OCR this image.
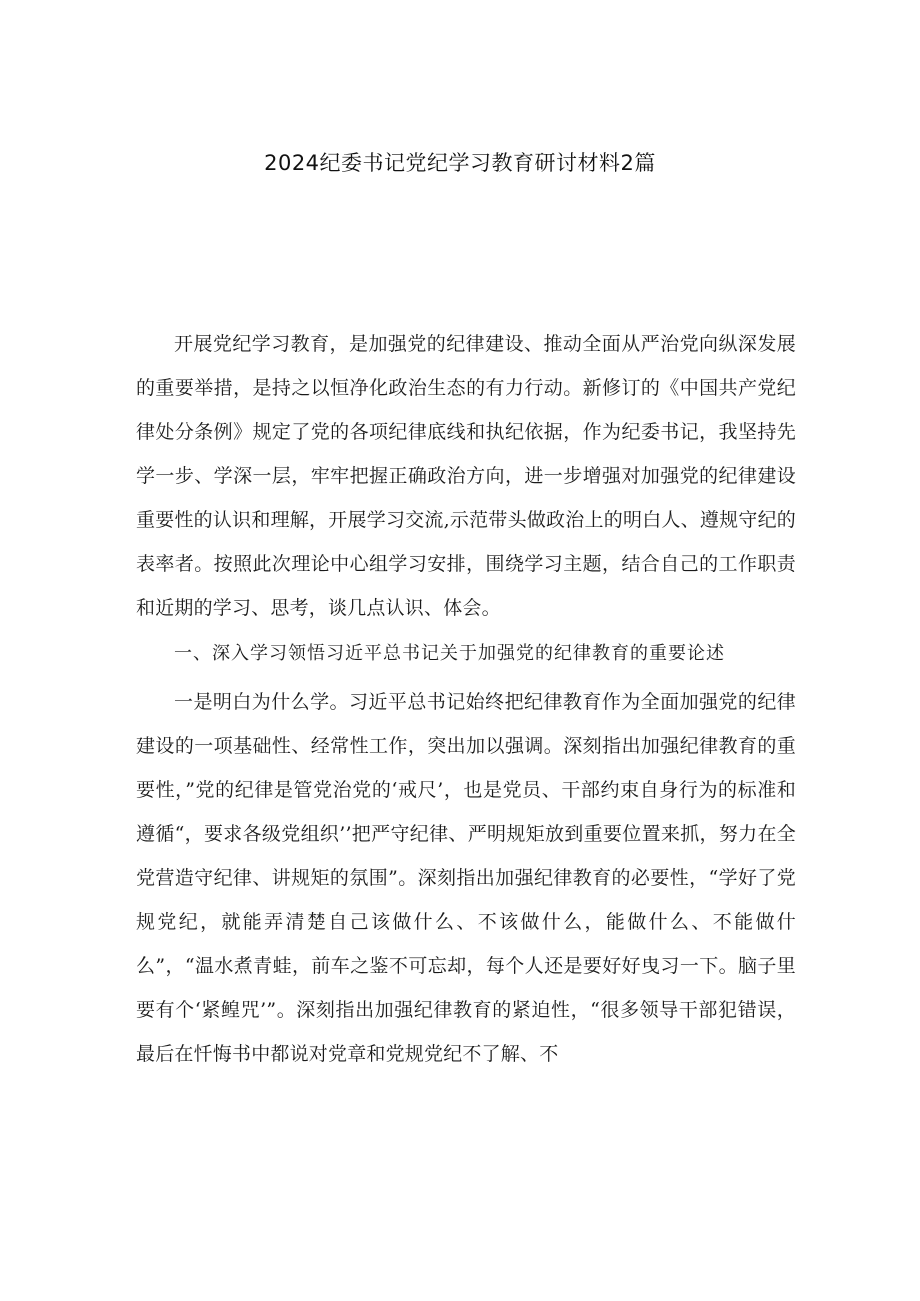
2024纪委书记党纪学习教育研讨材料2篇

开展党纪学习教育，是加强党的纪律建设、推动全面从严治党向纵深发展的重要举措，是持之以恒净化政治生态的有力行动。新修订的《中国共产党纪律处分条例》规定了党的各项纪律底线和执纪依据，作为纪委书记，我坚持先学一步、学深一层，牢牢把握正确政治方向，进一步增强对加强党的纪律建设重要性的认识和理解，开展学习交流,示范带头做政治上的明白人、遵规守纪的表率者。按照此次理论中心组学习安排，围绕学习主题，结合自己的工作职责和近期的学习、思考，谈几点认识、体会。

一、深入学习领悟习近平总书记关于加强党的纪律教育的重要论述

一是明白为什么学。习近平总书记始终把纪律教育作为全面加强党的纪律建设的一项基础性、经常性工作，突出加以强调。深刻指出加强纪律教育的重要性，”党的纪律是管党治党的‘戒尺’，也是党员、干部约束自身行为的标准和遵循“，要求各级党组织’’把严守纪律、严明规矩放到重要位置来抓，努力在全党营造守纪律、讲规矩的氛围”。深刻指出加强纪律教育的必要性，“学好了党规党纪，就能弄清楚自己该做什么、不该做什么，能做什么、不能做什么”，“温水煮青蛙，前车之鉴不可忘却，每个人还是要好好曳习一下。脑子里要有个‘紧鳇咒’”。深刻指出加强纪律教育的紧迫性，“很多领导干部犯错误，最后在忏悔书中都说对党章和党规党纪不了解、不
